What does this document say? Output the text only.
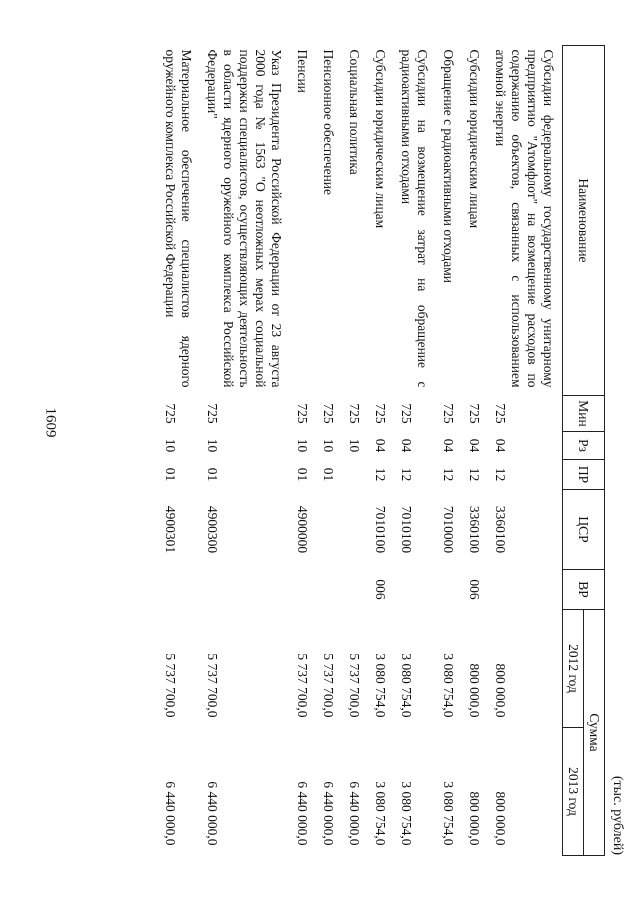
1609
(тыс. рублей)
Наименование	Мин	Рз	ПР	ЦСР	ВР	Сумма	
						2012 год	2013 год
Субсидии федеральному государственному унитарному предприятию "Атомфлот" на возмещение расходов по содержанию объектов, связанных с использованием атомной энергии	725	04	12	3360100		800 000,0	800 000,0
Субсидии юридическим лицам	725	04	12	3360100	006	800 000,0	800 000,0
Обращение с радиоактивными отходами	725	04	12	7010000		3 080 754,0	3 080 754,0
Субсидии на возмещение затрат на обращение с радиоактивными отходами	725	04	12	7010100		3 080 754,0	3 080 754,0
Субсидии юридическим лицам	725	04	12	7010100	006	3 080 754,0	3 080 754,0
Социальная политика	725	10				5 737 700,0	6 440 000,0
Пенсионное обеспечение	725	10	01			5 737 700,0	6 440 000,0
Пенсии	725	10	01	4900000		5 737 700,0	6 440 000,0
Указ Президента Российской Федерации от 23 августа 2000 года № 1563 "О неотложных мерах социальной поддержки специалистов, осуществляющих деятельность в области ядерного оружейного комплекса Российской Федерации"	725	10	01	4900300		5 737 700,0	6 440 000,0
Материальное обеспечение специалистов ядерного оружейного комплекса Российской Федерации	725	10	01	4900301		5 737 700,0	6 440 000,0
